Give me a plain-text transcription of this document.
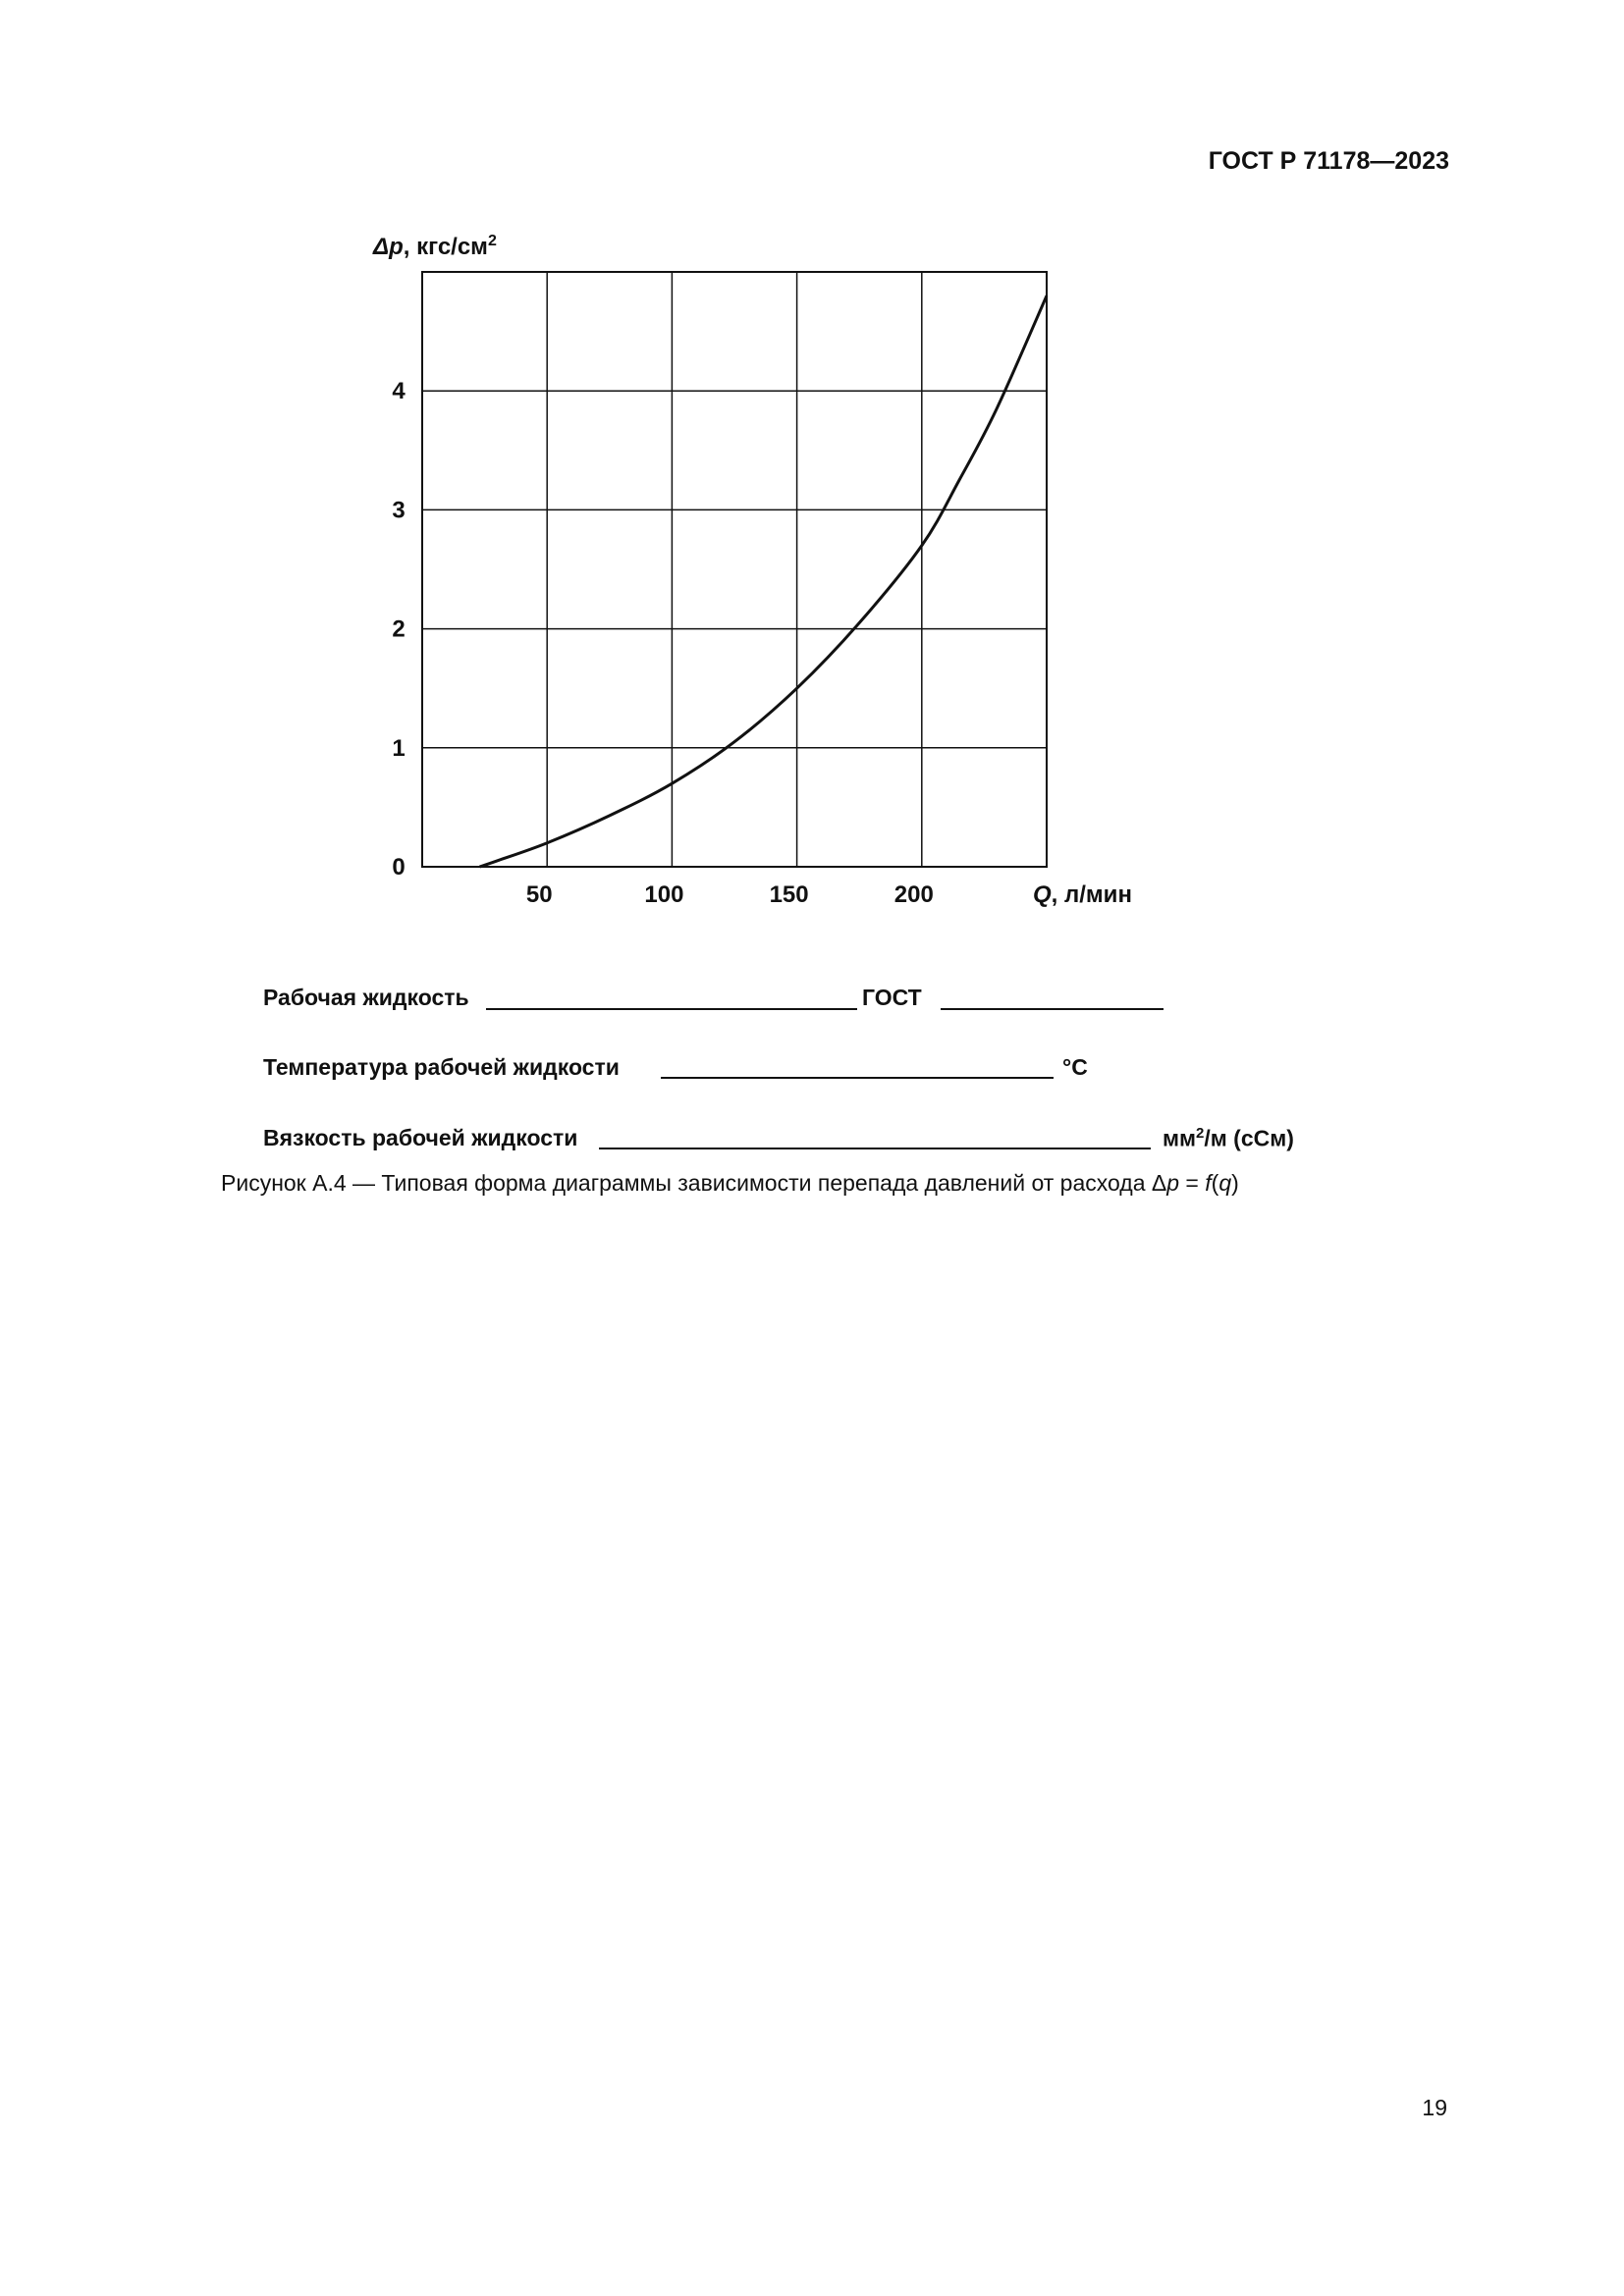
ГОСТ Р 71178—2023
50	100	150	200
0
1
2
3
4
Δp, кгс/$см^2$
Q, л/мин
Рабочая жидкость	ГОСТ
Температура рабочей жидкости	°С
Вязкость рабочей жидкости	$мм^2/м$ (сСм)
Рисунок А.4 — Типовая форма диаграммы зависимости перепада давлений от расхода Δp = f(q)
19
